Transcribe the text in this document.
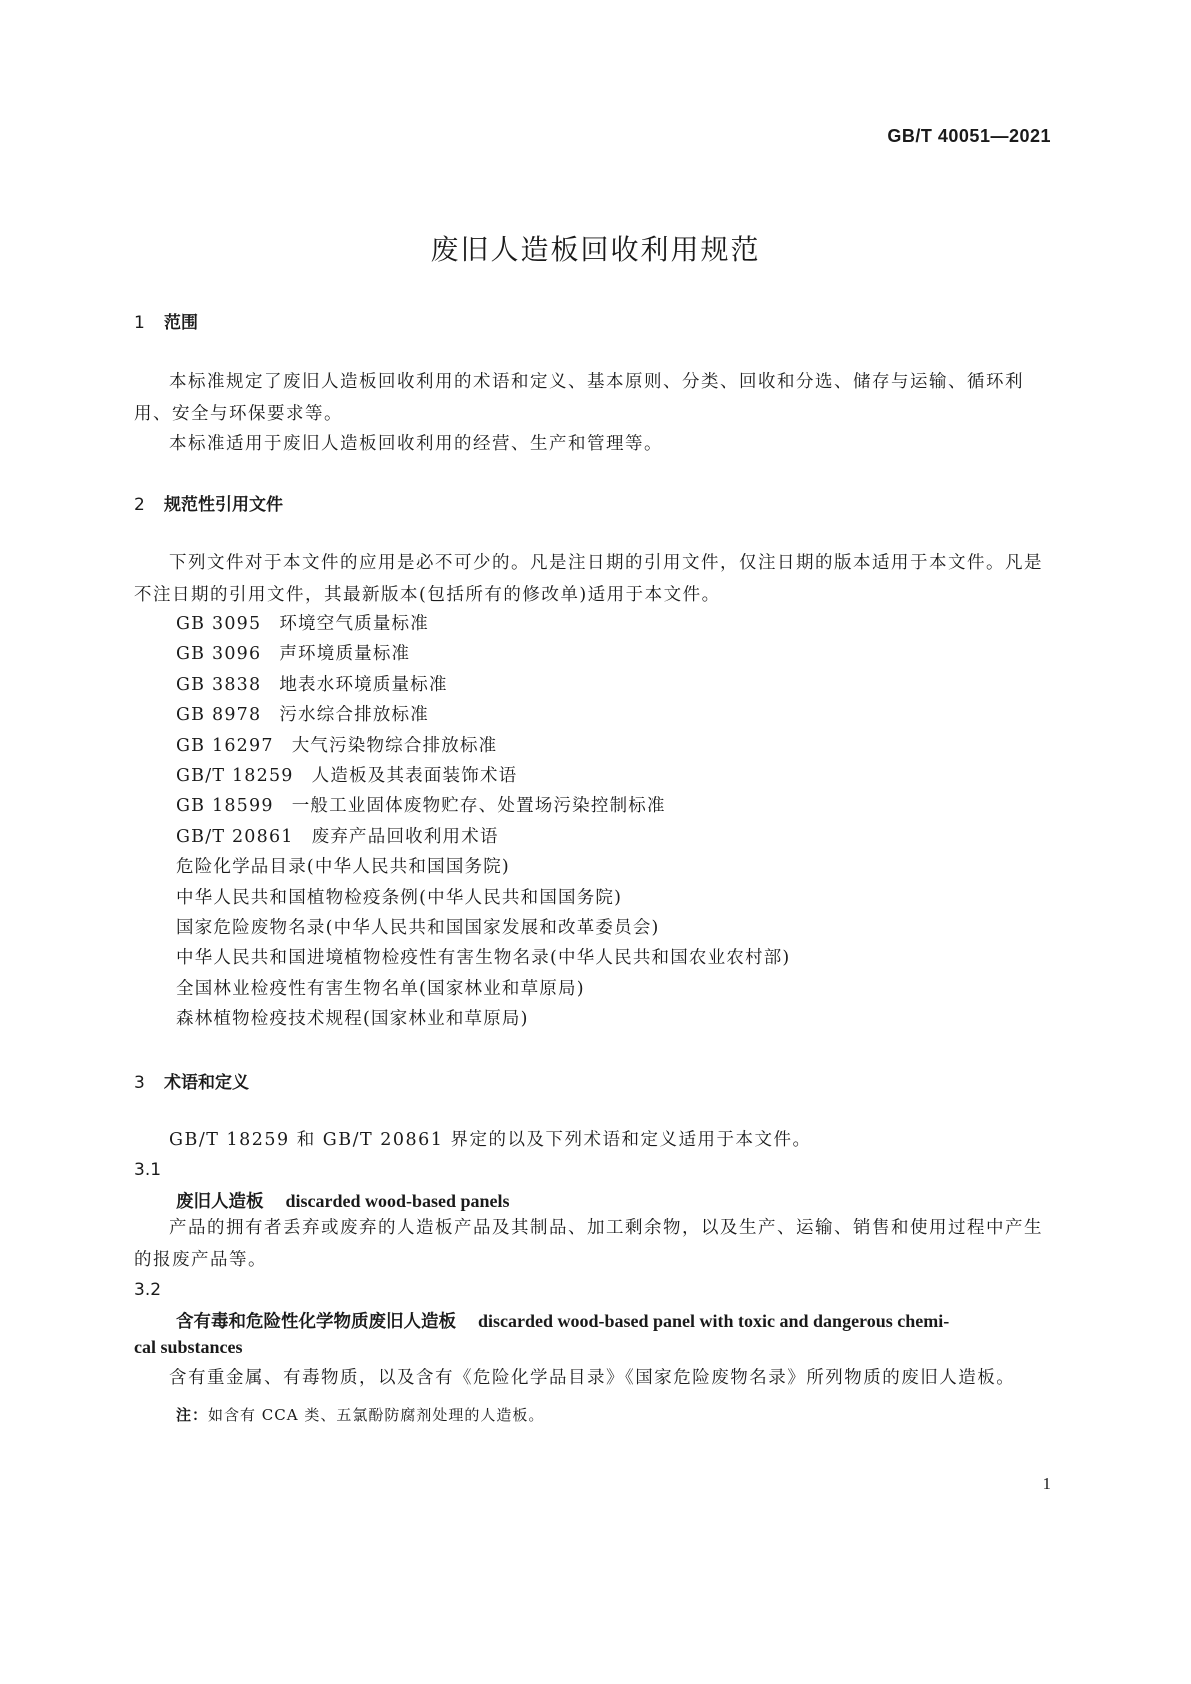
GB/T 40051—2021
废旧人造板回收利用规范
1 范围
本标准规定了废旧人造板回收利用的术语和定义、基本原则、分类、回收和分选、储存与运输、循环利用、安全与环保要求等。
本标准适用于废旧人造板回收利用的经营、生产和管理等。
2 规范性引用文件
下列文件对于本文件的应用是必不可少的。凡是注日期的引用文件，仅注日期的版本适用于本文件。凡是不注日期的引用文件，其最新版本(包括所有的修改单)适用于本文件。
GB 3095 环境空气质量标准
GB 3096 声环境质量标准
GB 3838 地表水环境质量标准
GB 8978 污水综合排放标准
GB 16297 大气污染物综合排放标准
GB/T 18259 人造板及其表面装饰术语
GB 18599 一般工业固体废物贮存、处置场污染控制标准
GB/T 20861 废弃产品回收利用术语
危险化学品目录(中华人民共和国国务院)
中华人民共和国植物检疫条例(中华人民共和国国务院)
国家危险废物名录(中华人民共和国国家发展和改革委员会)
中华人民共和国进境植物检疫性有害生物名录(中华人民共和国农业农村部)
全国林业检疫性有害生物名单(国家林业和草原局)
森林植物检疫技术规程(国家林业和草原局)
3 术语和定义
GB/T 18259 和 GB/T 20861 界定的以及下列术语和定义适用于本文件。
3.1
废旧人造板 discarded wood-based panels
产品的拥有者丢弃或废弃的人造板产品及其制品、加工剩余物，以及生产、运输、销售和使用过程中产生的报废产品等。
3.2
含有毒和危险性化学物质废旧人造板 discarded wood-based panel with toxic and dangerous chemi-
cal substances
含有重金属、有毒物质，以及含有《危险化学品目录》《国家危险废物名录》所列物质的废旧人造板。
注：如含有 CCA 类、五氯酚防腐剂处理的人造板。
1
